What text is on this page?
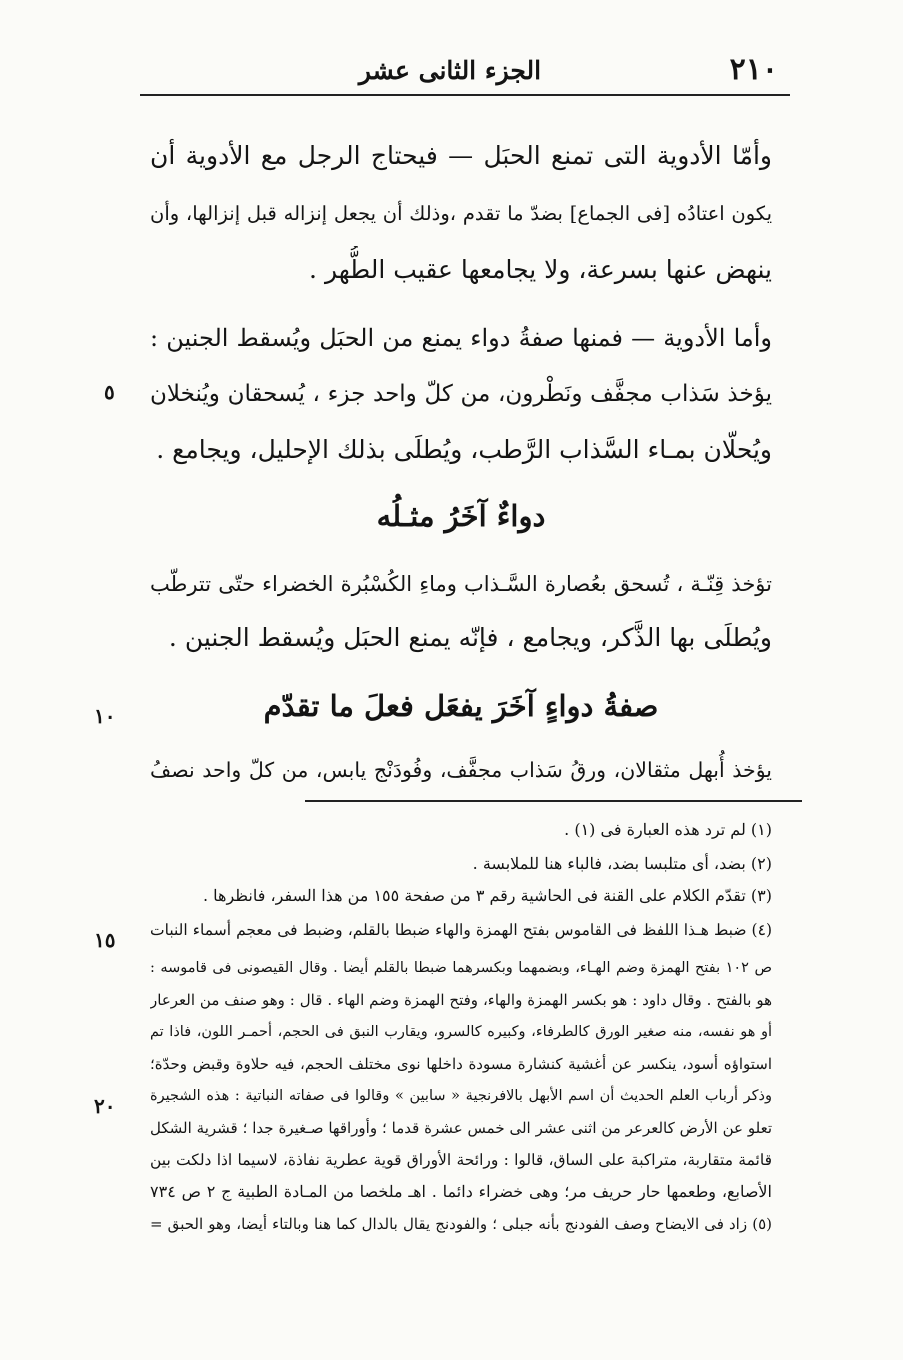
٢١٠
الجزء الثانى عشر
وأمّا الأدوية التى تمنع الحبَل — فيحتاج الرجل مع الأدوية أن
يكون اعتادُه [فى الجماع] بضدّ ما تقدم ،وذلك أن يجعل إنزاله قبل إنزالها، وأن
ينهض عنها بسرعة، ولا يجامعها عقيب الطُّهر .
وأما الأدوية — فمنها صفةُ دواء يمنع من الحبَل ويُسقط الجنين :
يؤخذ سَذاب مجفَّف ونَطْرون، من كلّ واحد جزء ، يُسحقان ويُنخلان
ويُحلّان بمـاء السَّذاب الرَّطب، ويُطلَى بذلك الإحليل، ويجامع .
دواءٌ آخَرُ مثـلُه
تؤخذ قِنّـة ، تُسحق بعُصارة السَّـذاب وماءِ الكُسْبُرة الخضراء حتّى تترطّب
ويُطلَى بها الذَّكر، ويجامع ، فإنّه يمنع الحبَل ويُسقط الجنين .
صفةُ دواءٍ آخَرَ يفعَل فعلَ ما تقدّم
يؤخذ أُبهل مثقالان، ورقُ سَذاب مجفَّف، وفُودَنْج يابس، من كلّ واحد نصفُ
٥
١٠
١٥
٢٠
(١) لم ترد هذه العبارة فى (١) .
(٢) بضد، أى متلبسا بضد، فالباء هنا للملابسة .
(٣) تقدّم الكلام على القنة فى الحاشية رقم ٣ من صفحة ١٥٥ من هذا السفر، فانظرها .
(٤) ضبط هـذا اللفظ فى القاموس بفتح الهمزة والهاء ضبطا بالقلم، وضبط فى معجم أسماء النبات
ص ١٠٢ بفتح الهمزة وضم الهـاء، وبضمهما وبكسرهما ضبطا بالقلم أيضا . وقال القيصونى فى قاموسه :
هو بالفتح . وقال داود : هو بكسر الهمزة والهاء، وفتح الهمزة وضم الهاء . قال : وهو صنف من العرعار
أو هو نفسه، منه صغير الورق كالطرفاء، وكبيره كالسرو، ويقارب النبق فى الحجم، أحمـر اللون، فاذا تم
استواؤه أسود، ينكسر عن أغشية كنشارة مسودة داخلها نوى مختلف الحجم، فيه حلاوة وقبض وحدّة؛
وذكر أرباب العلم الحديث أن اسم الأبهل بالافرنجية « سابين » وقالوا فى صفاته النباتية : هذه الشجيرة
تعلو عن الأرض كالعرعر من اثنى عشر الى خمس عشرة قدما ؛ وأوراقها صـغيرة جدا ؛ قشرية الشكل
قائمة متقاربة، متراكبة على الساق، قالوا : ورائحة الأوراق قوية عطرية نفاذة، لاسيما اذا دلكت بين
الأصابع، وطعمها حار حريف مر؛ وهى خضراء دائما . اهـ ملخصا من المـادة الطبية ج ٢ ص ٧٣٤
(٥) زاد فى الايضاح وصف الفودنج بأنه جبلى ؛ والفودنج يقال بالدال كما هنا وبالتاء أيضا، وهو الحبق =
